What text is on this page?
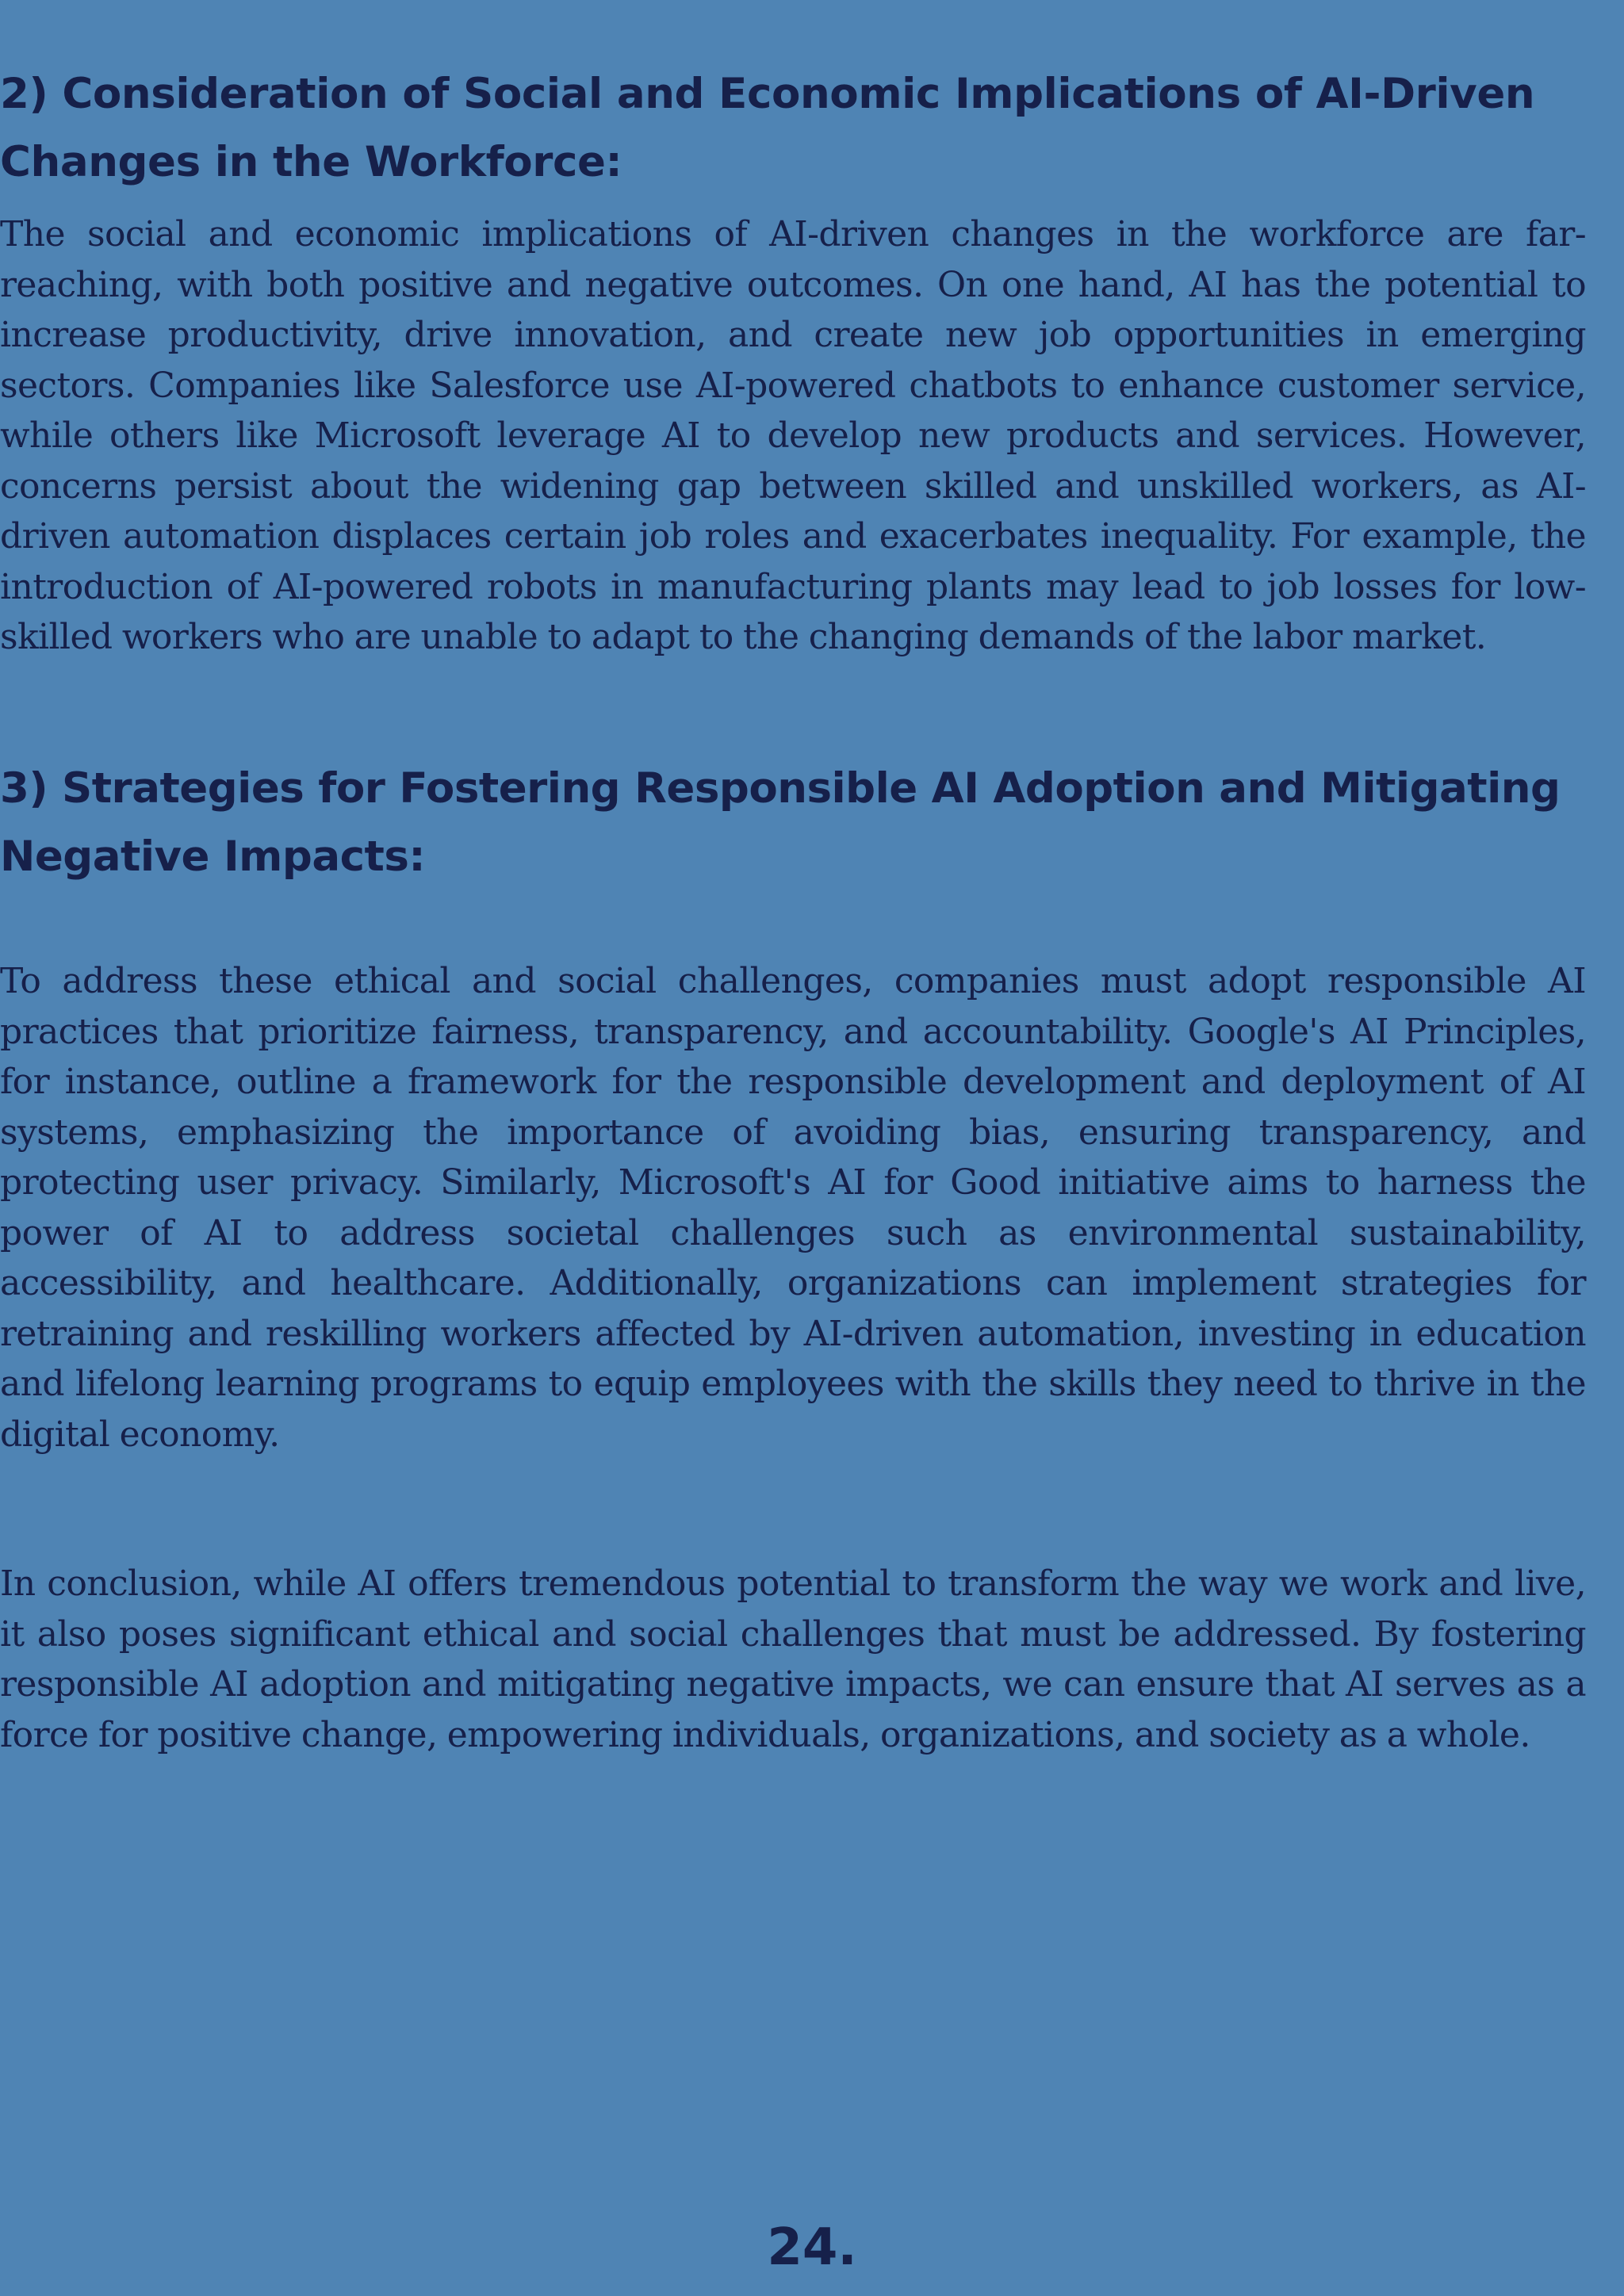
2) Consideration of Social and Economic Implications of AI-Driven Changes in the Workforce:

The social and economic implications of AI-driven changes in the workforce are far-reaching, with both positive and negative outcomes. On one hand, AI has the potential to increase productivity, drive innovation, and create new job opportunities in emerging sectors. Companies like Salesforce use AI-powered chatbots to enhance customer service, while others like Microsoft leverage AI to develop new products and services. However, concerns persist about the widening gap between skilled and unskilled workers, as AI-driven automation displaces certain job roles and exacerbates inequality. For example, the introduction of AI-powered robots in manufacturing plants may lead to job losses for low-skilled workers who are unable to adapt to the changing demands of the labor market.

3) Strategies for Fostering Responsible AI Adoption and Mitigating Negative Impacts:

To address these ethical and social challenges, companies must adopt responsible AI practices that prioritize fairness, transparency, and accountability. Google's AI Principles, for instance, outline a framework for the responsible development and deployment of AI systems, emphasizing the importance of avoiding bias, ensuring transparency, and protecting user privacy. Similarly, Microsoft's AI for Good initiative aims to harness the power of AI to address societal challenges such as environmental sustainability, accessibility, and healthcare. Additionally, organizations can implement strategies for retraining and reskilling workers affected by AI-driven automation, investing in education and lifelong learning programs to equip employees with the skills they need to thrive in the digital economy.

In conclusion, while AI offers tremendous potential to transform the way we work and live, it also poses significant ethical and social challenges that must be addressed. By fostering responsible AI adoption and mitigating negative impacts, we can ensure that AI serves as a force for positive change, empowering individuals, organizations, and society as a whole.

24.
